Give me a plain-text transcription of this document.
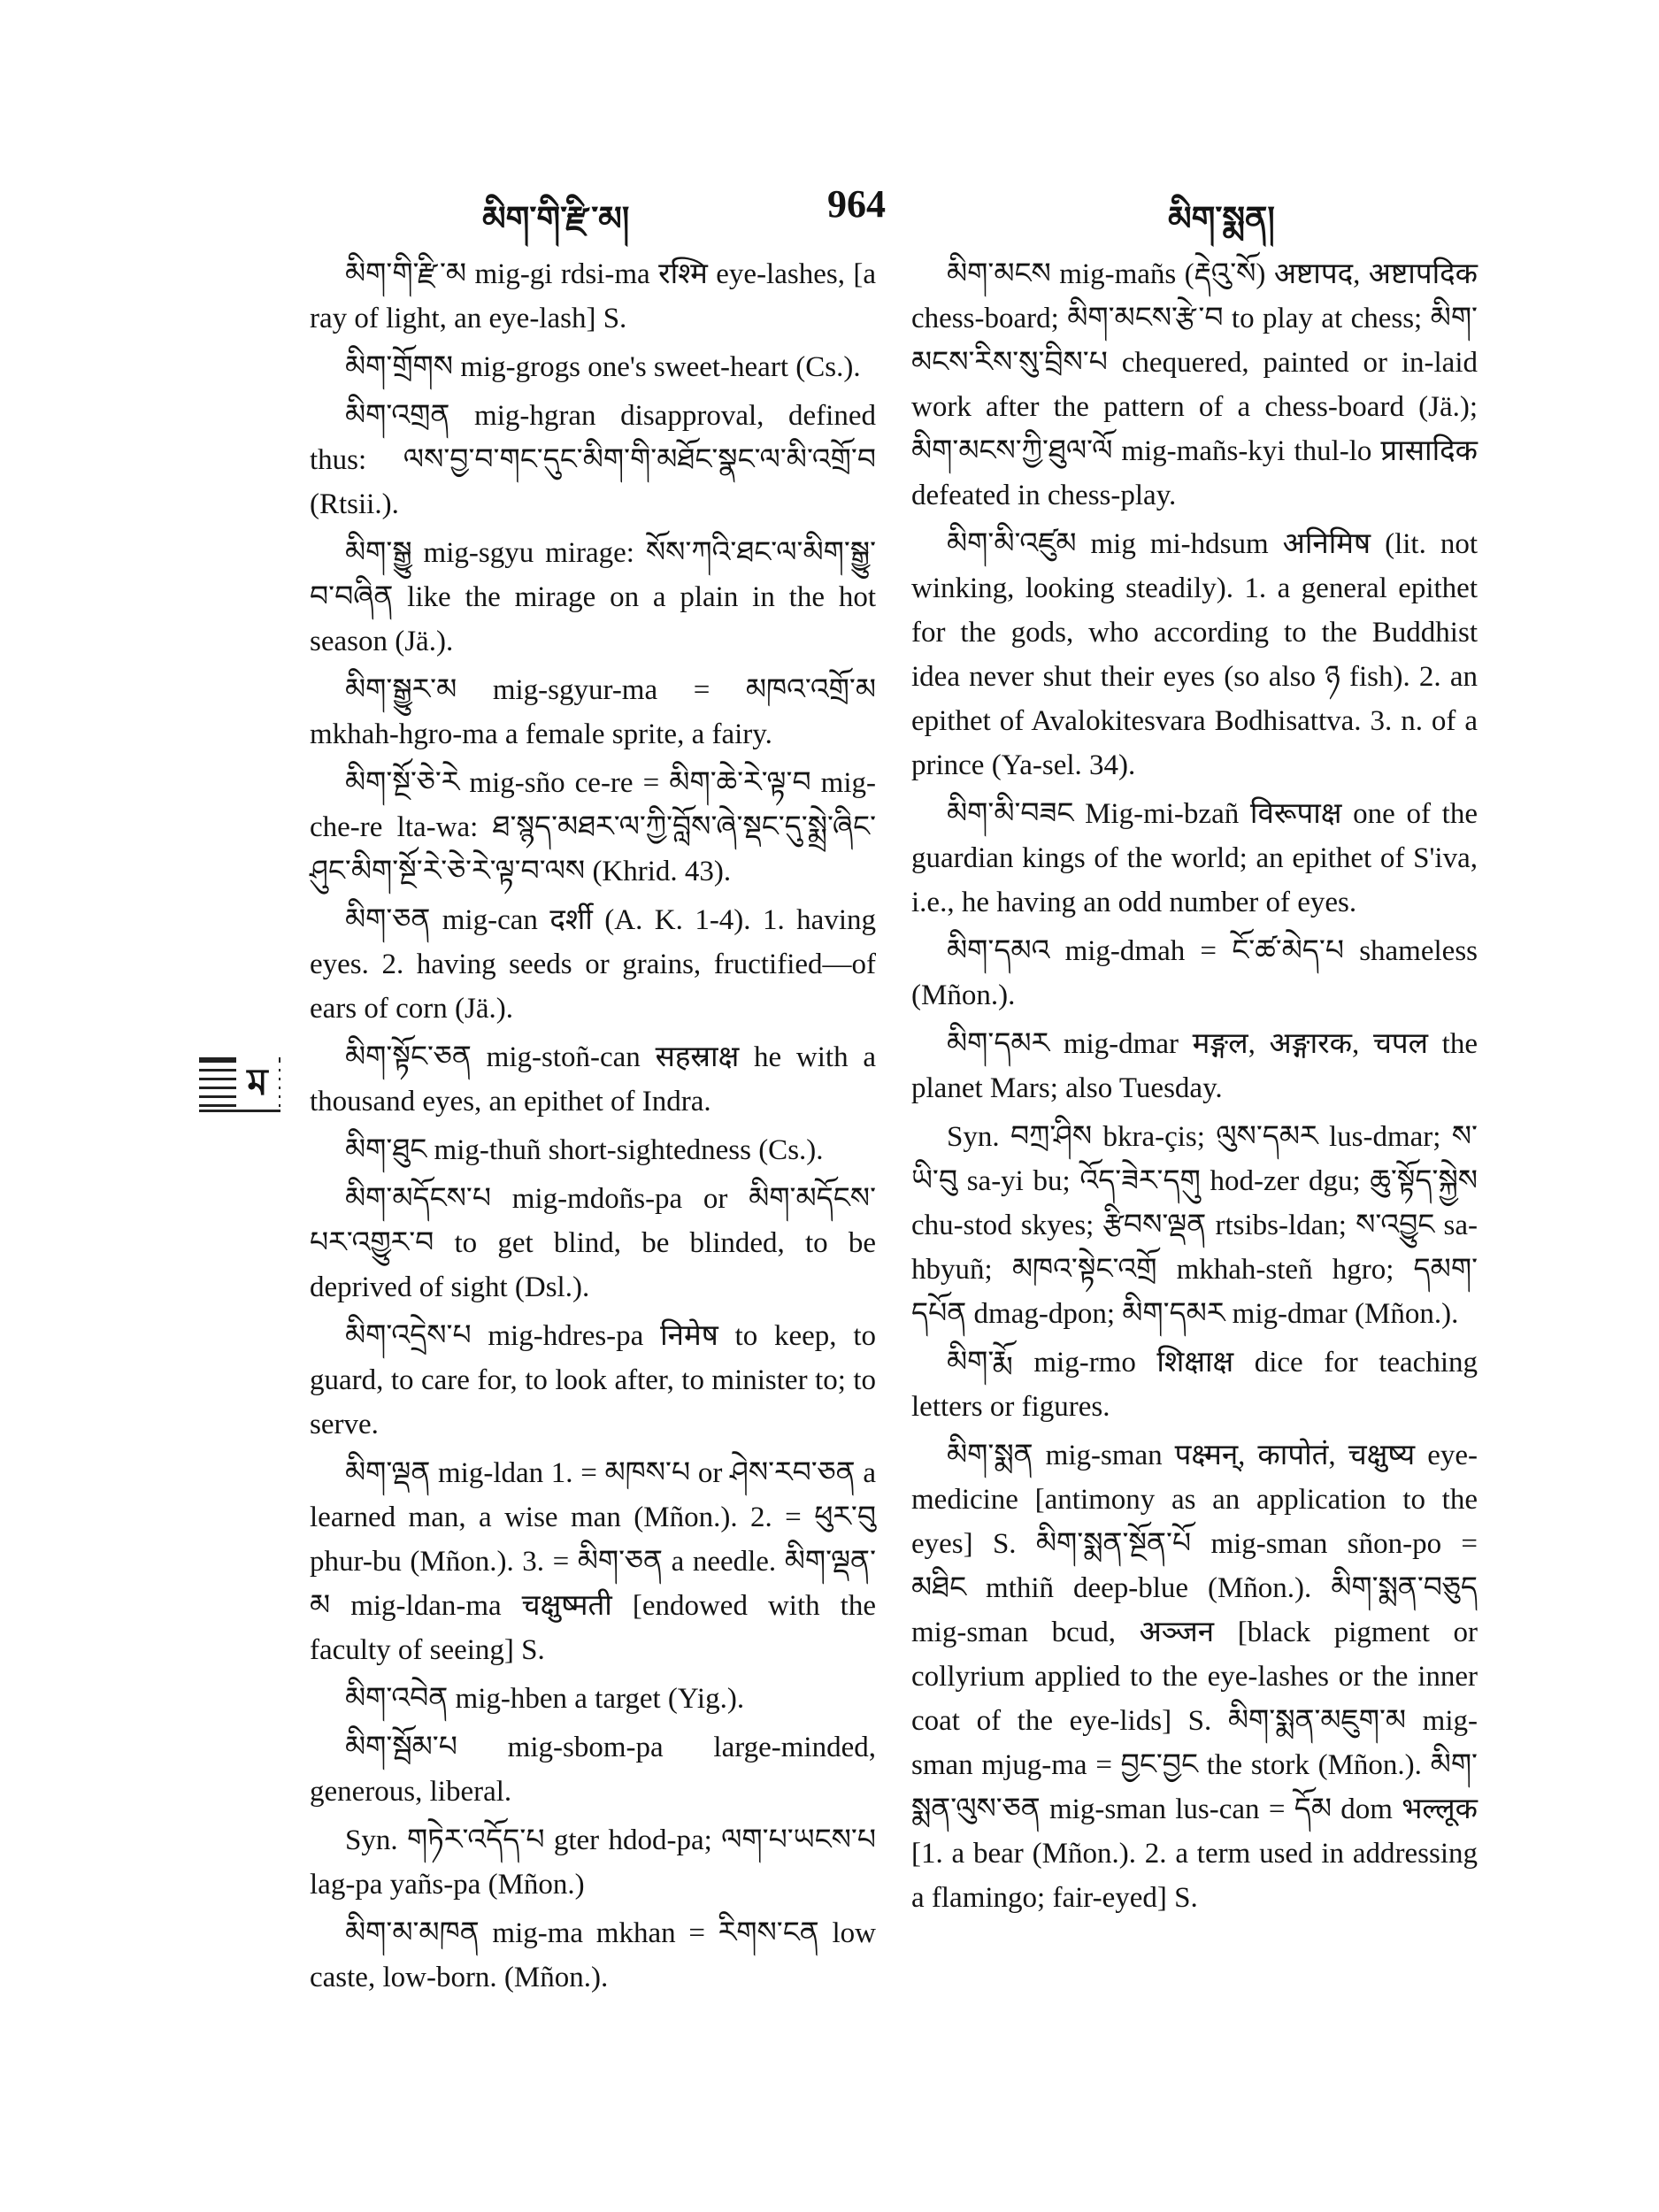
མིག་གི་རྫི་མ།	964	མིག་སྨན།
ম

མིག་གི་རྫི་མ mig-gi rdsi-ma रश्मि eye-lashes, [a ray of light, an eye-lash] S.

མིག་གྲོགས mig-grogs one's sweet-heart (Cs.).

མིག་འགྲན mig-hgran disapproval, defined thus: ལས་བྱ་བ་གང་དུང་མིག་གི་མཐོང་སྣང་ལ་མི་འགྲོ་བ (Rtsii.).

མིག་སྒྱུ mig-sgyu mirage: སོས་ཀའི་ཐང་ལ་མིག་སྒྱུ་བ་བཞིན like the mirage on a plain in the hot season (Jä.).

མིག་སྒྱུར་མ mig-sgyur-ma = མཁའ་འགྲོ་མ mkhah-hgro-ma a female sprite, a fairy.

མིག་སྔོ་ཅེ་རེ mig-sño ce-re = མིག་ཆེ་རེ་ལྟ་བ mig-che-re lta-wa: ཐ་སྙད་མཐར་ལ་ཀྱི་བློས་ཞེ་སྡང་དུ་སྨྲེ་ཞིང་ཤུང་མིག་སྔོ་རེ་ཅེ་རེ་ལྟ་བ་ལས (Khrid. 43).

མིག་ཅན mig-can दर्शी (A. K. 1-4). 1. having eyes. 2. having seeds or grains, fructified—of ears of corn (Jä.).

མིག་སྟོང་ཅན mig-stoñ-can सहस्राक्ष he with a thousand eyes, an epithet of Indra.

མིག་ཐུང mig-thuñ short-sightedness (Cs.).

མིག་མདོངས་པ mig-mdoñs-pa or མིག་མདོངས་པར་འགྱུར་བ to get blind, be blinded, to be deprived of sight (Dsl.).

མིག་འདྲེས་པ mig-hdres-pa निमेष to keep, to guard, to care for, to look after, to minister to; to serve.

མིག་ལྡན mig-ldan 1. = མཁས་པ or ཤེས་རབ་ཅན a learned man, a wise man (Mñon.). 2. = ཕུར་བུ phur-bu (Mñon.). 3. = མིག་ཅན a needle. མིག་ལྡན་མ mig-ldan-ma चक्षुष्मती [endowed with the faculty of seeing] S.

མིག་འབེན mig-hben a target (Yig.).

མིག་སྦོམ་པ mig-sbom-pa large-minded, generous, liberal.

Syn. གཏེར་འདོད་པ gter hdod-pa; ལག་པ་ཡངས་པ lag-pa yañs-pa (Mñon.)

མིག་མ་མཁན mig-ma mkhan = རིགས་ངན low caste, low-born. (Mñon.).

མིག་མངས mig-mañs (རྡེའུ་སོ) अष्टापद, अष्टापदिक chess-board; མིག་མངས་རྩེ་བ to play at chess; མིག་མངས་རིས་སུ་བྲིས་པ chequered, painted or in-laid work after the pattern of a chess-board (Jä.); མིག་མངས་ཀྱི་ཐུལ་ལོ mig-mañs-kyi thul-lo प्रासादिक defeated in chess-play.

མིག་མི་འཛུམ mig mi-hdsum अनिमिष (lit. not winking, looking steadily). 1. a general epithet for the gods, who according to the Buddhist idea never shut their eyes (so also ཉ fish). 2. an epithet of Avalokitesvara Bodhisattva. 3. n. of a prince (Ya-sel. 34).

མིག་མི་བཟང Mig-mi-bzañ विरूपाक्ष one of the guardian kings of the world; an epithet of S'iva, i.e., he having an odd number of eyes.

མིག་དམའ mig-dmah = ངོ་ཚ་མེད་པ shameless (Mñon.).

མིག་དམར mig-dmar मङ्गल, अङ्गारक, चपल the planet Mars; also Tuesday.

Syn. བཀྲ་ཤིས bkra-çis; ལུས་དམར lus-dmar; ས་ཡི་བུ sa-yi bu; འོད་ཟེར་དགུ hod-zer dgu; ཆུ་སྟོད་སྐྱེས chu-stod skyes; རྩིབས་ལྡན rtsibs-ldan; ས་འབྱུང sa-hbyuñ; མཁའ་སྟེང་འགྲོ mkhah-steñ hgro; དམག་དཔོན dmag-dpon; མིག་དམར mig-dmar (Mñon.).

མིག་རྨོ mig-rmo शिक्षाक्ष dice for teaching letters or figures.

མིག་སྨན mig-sman पक्ष्मन्, कापोतं, चक्षुष्य eye-medicine [antimony as an application to the eyes] S. མིག་སྨན་སྔོན་པོ mig-sman sñon-po = མཐིང mthiñ deep-blue (Mñon.). མིག་སྨན་བཅུད mig-sman bcud, अञ्जन [black pigment or collyrium applied to the eye-lashes or the inner coat of the eye-lids] S. མིག་སྨན་མཇུག་མ mig-sman mjug-ma = བྱང་བྱང the stork (Mñon.). མིག་སྨན་ལུས་ཅན mig-sman lus-can = དོམ dom भल्लूक [1. a bear (Mñon.). 2. a term used in addressing a flamingo; fair-eyed] S.
